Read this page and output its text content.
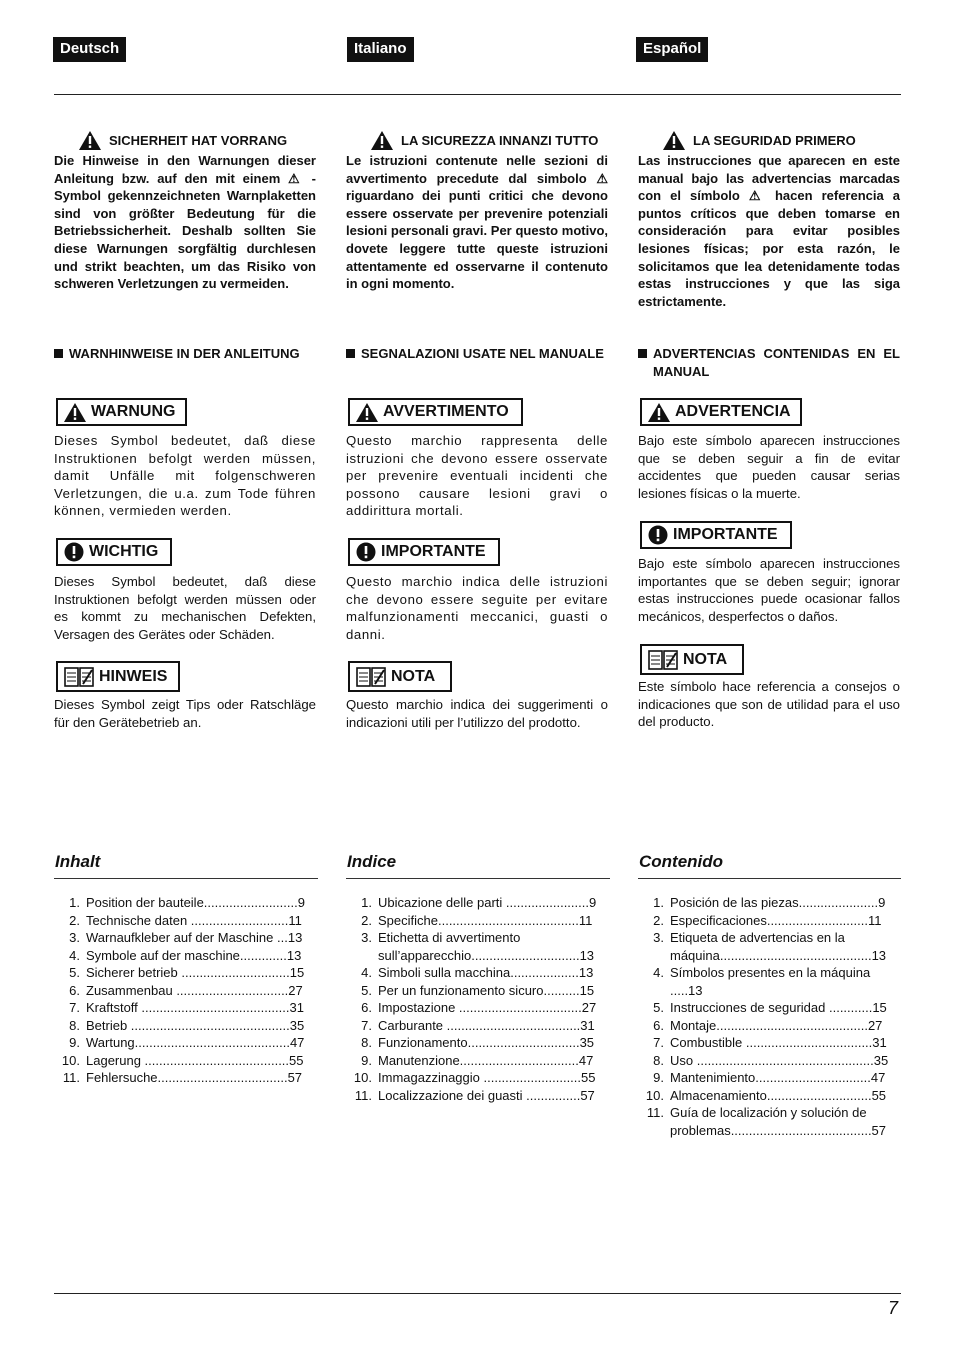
Deutsch	Italiano	Español
SICHERHEIT HAT VORRANG	LA SICUREZZA INNANZI TUTTO	LA SEGURIDAD PRIMERO
Die Hinweise in den Warnungen dieser Anleitung bzw. auf den mit einem ⚠ - Symbol gekennzeichneten Warnplaketten sind von größter Bedeutung für die Betriebssicherheit. Deshalb sollten Sie diese Warnungen sorgfältig durchlesen und strikt beachten, um das Risiko von schweren Verletzungen zu vermeiden.
Le istruzioni contenute nelle sezioni di avvertimento precedute dal simbolo ⚠ riguardano dei punti critici che devono essere osservate per prevenire potenziali lesioni personali gravi. Per questo motivo, dovete leggere tutte queste istruzioni attentamente ed osservarne il contenuto in ogni momento.
Las instrucciones que aparecen en este manual bajo las advertencias marcadas con el símbolo ⚠ hacen referencia a puntos críticos que deben tomarse en consideración para evitar posibles lesiones físicas; por esta razón, le solicitamos que lea detenidamente todas estas instrucciones y que las siga estrictamente.
WARNHINWEISE IN DER ANLEITUNG	SEGNALAZIONI USATE NEL MANUALE	ADVERTENCIAS CONTENIDAS EN EL MANUAL
WARNUNG	AVVERTIMENTO	ADVERTENCIA
Dieses Symbol bedeutet, daß diese Instruktionen befolgt werden müssen, damit Unfälle mit folgenschweren Verletzungen, die u.a. zum Tode führen können, vermieden werden.
Questo marchio rappresenta delle istruzioni che devono essere osservate per prevenire eventuali incidenti che possono causare lesioni gravi o addirittura mortali.
Bajo este símbolo aparecen instrucciones que se deben seguir a fin de evitar accidentes que pueden causar serias lesiones físicas o la muerte.
WICHTIG	IMPORTANTE
IMPORTANTE
Dieses Symbol bedeutet, daß diese Instruktionen befolgt werden müssen oder es kommt zu mechanischen Defekten, Versagen des Gerätes oder Schäden.
Questo marchio indica delle istruzioni che devono essere seguite per evitare malfunzionamenti meccanici, guasti o danni.
Bajo este símbolo aparecen instrucciones importantes que se deben seguir; ignorar estas instrucciones puede ocasionar fallos mecánicos, desperfectos o daños.
HINWEIS	NOTA
NOTA
Dieses Symbol zeigt Tips oder Ratschläge für den Gerätebetrieb an.
Questo marchio indica dei suggerimenti o indicazioni utili per l’utilizzo del prodotto.
Este símbolo hace referencia a consejos o indicaciones que son de utilidad para el uso del producto.
Inhalt	Indice	Contenido
1. Position der bauteile..........................9
2. Technische daten ...........................11
3. Warnaufkleber auf der Maschine ...13
4. Symbole auf der maschine.............13
5. Sicherer betrieb ..............................15
6. Zusammenbau ...............................27
7. Kraftstoff .........................................31
8. Betrieb ............................................35
9. Wartung...........................................47
10. Lagerung ........................................55
11. Fehlersuche....................................57
1. Ubicazione delle parti .......................9
2. Specifiche.......................................11
3. Etichetta di avvertimento sull’apparecchio..............................13
4. Simboli sulla macchina...................13
5. Per un funzionamento sicuro..........15
6. Impostazione ..................................27
7. Carburante .....................................31
8. Funzionamento...............................35
9. Manutenzione.................................47
10. Immagazzinaggio ...........................55
11. Localizzazione dei guasti ...............57
1. Posición de las piezas......................9
2. Especificaciones............................11
3. Etiqueta de advertencias en la máquina..........................................13
4. Símbolos presentes en la máquina .....13
5. Instrucciones de seguridad ............15
6. Montaje..........................................27
7. Combustible ...................................31
8. Uso .................................................35
9. Mantenimiento................................47
10. Almacenamiento.............................55
11. Guía de localización y solución de problemas.......................................57
7
